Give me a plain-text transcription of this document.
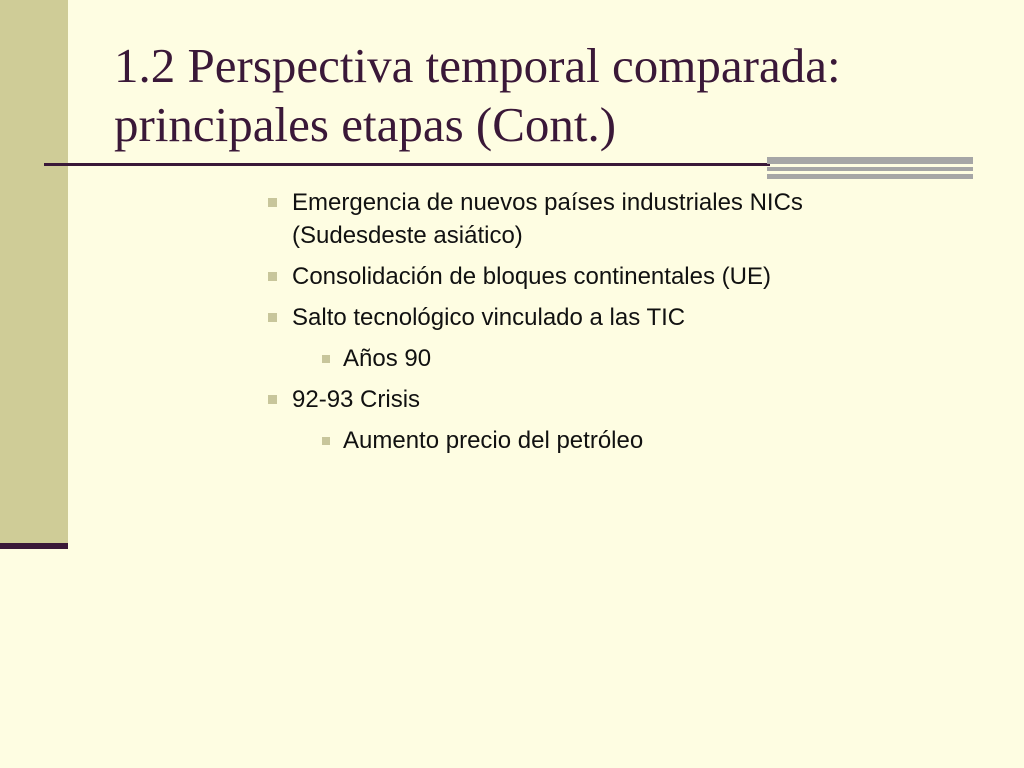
1.2 Perspectiva temporal comparada:
principales etapas (Cont.)
Emergencia de nuevos países industriales NICs
(Sudesdeste asiático)
Consolidación de bloques continentales (UE)
Salto tecnológico vinculado a las TIC
Años 90
92-93 Crisis
Aumento precio del petróleo
